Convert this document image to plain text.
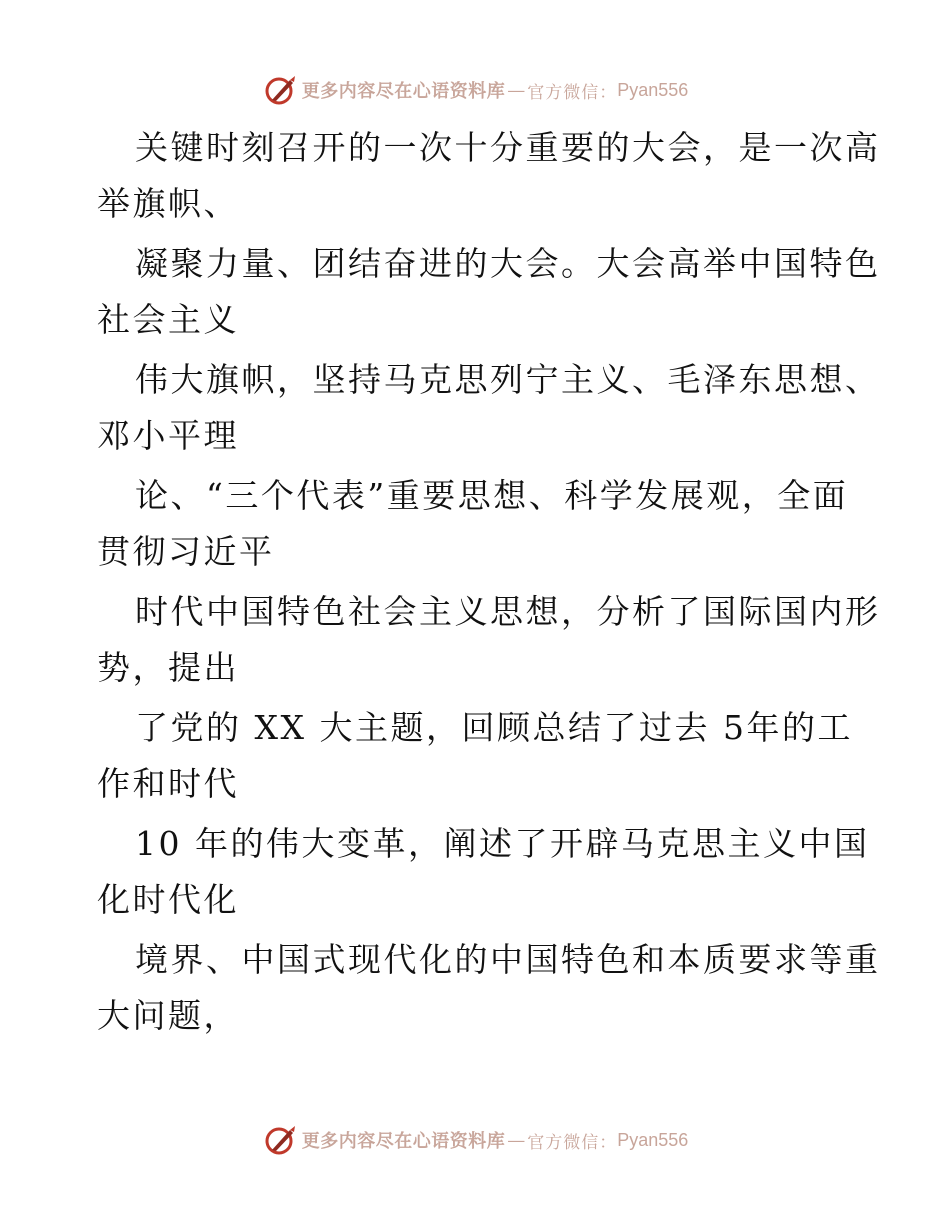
更多内容尽在心语资料库 — 官方微信： Pyan556
关键时刻召开的一次十分重要的大会，是一次高
举旗帜、
凝聚力量、团结奋进的大会。大会高举中国特色
社会主义
伟大旗帜，坚持马克思列宁主义、毛泽东思想、
邓小平理
论、“三个代表”重要思想、科学发展观，全面
贯彻习近平
时代中国特色社会主义思想，分析了国际国内形
势，提出
了党的 XX 大主题，回顾总结了过去 5年的工
作和时代
10 年的伟大变革，阐述了开辟马克思主义中国
化时代化
境界、中国式现代化的中国特色和本质要求等重
大问题，
更多内容尽在心语资料库 — 官方微信： Pyan556
